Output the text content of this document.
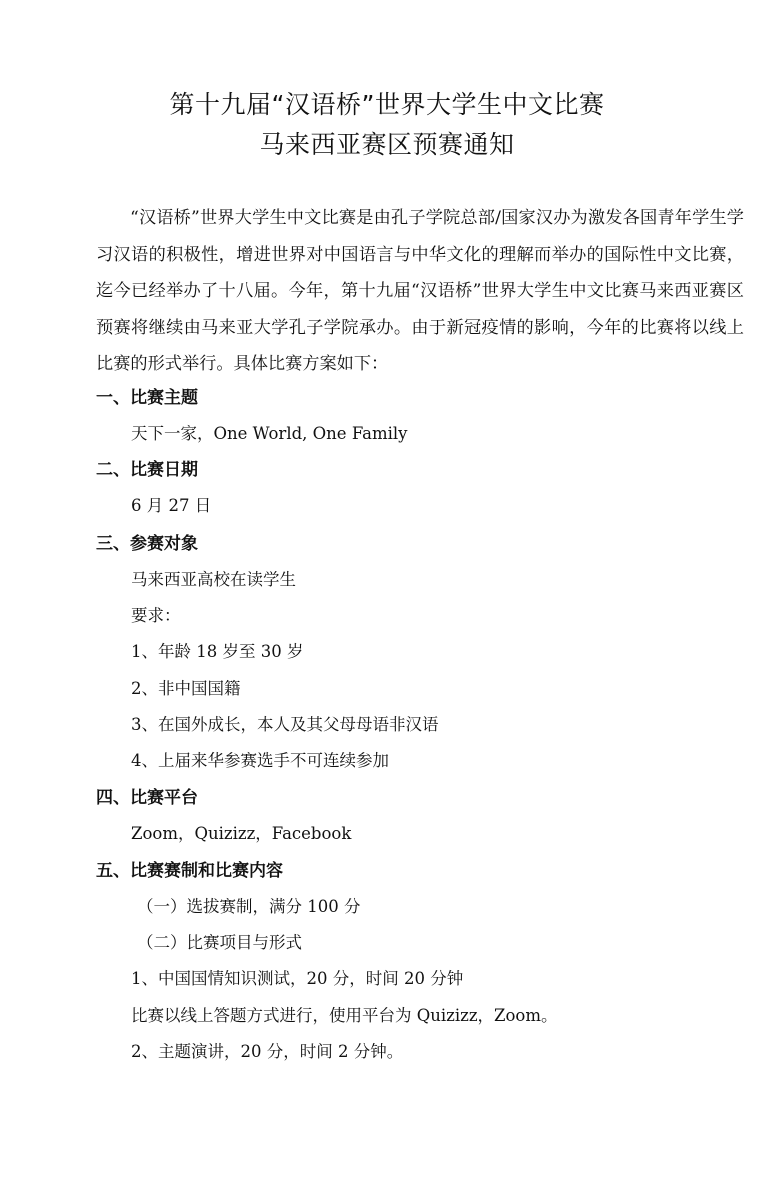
第十九届“汉语桥”世界大学生中文比赛
马来西亚赛区预赛通知

“汉语桥”世界大学生中文比赛是由孔子学院总部/国家汉办为激发各国青年学生学习汉语的积极性，增进世界对中国语言与中华文化的理解而举办的国际性中文比赛，迄今已经举办了十八届。今年，第十九届“汉语桥”世界大学生中文比赛马来西亚赛区预赛将继续由马来亚大学孔子学院承办。由于新冠疫情的影响，今年的比赛将以线上比赛的形式举行。具体比赛方案如下：

一、比赛主题
天下一家，One World, One Family
二、比赛日期
6 月 27 日
三、参赛对象
马来西亚高校在读学生
要求：
1、年龄 18 岁至 30 岁
2、非中国国籍
3、在国外成长，本人及其父母母语非汉语
4、上届来华参赛选手不可连续参加
四、比赛平台
Zoom，Quizizz，Facebook
五、比赛赛制和比赛内容
（一）选拔赛制，满分 100 分
（二）比赛项目与形式
1、中国国情知识测试，20 分，时间 20 分钟
比赛以线上答题方式进行，使用平台为 Quizizz，Zoom。
2、主题演讲，20 分，时间 2 分钟。
